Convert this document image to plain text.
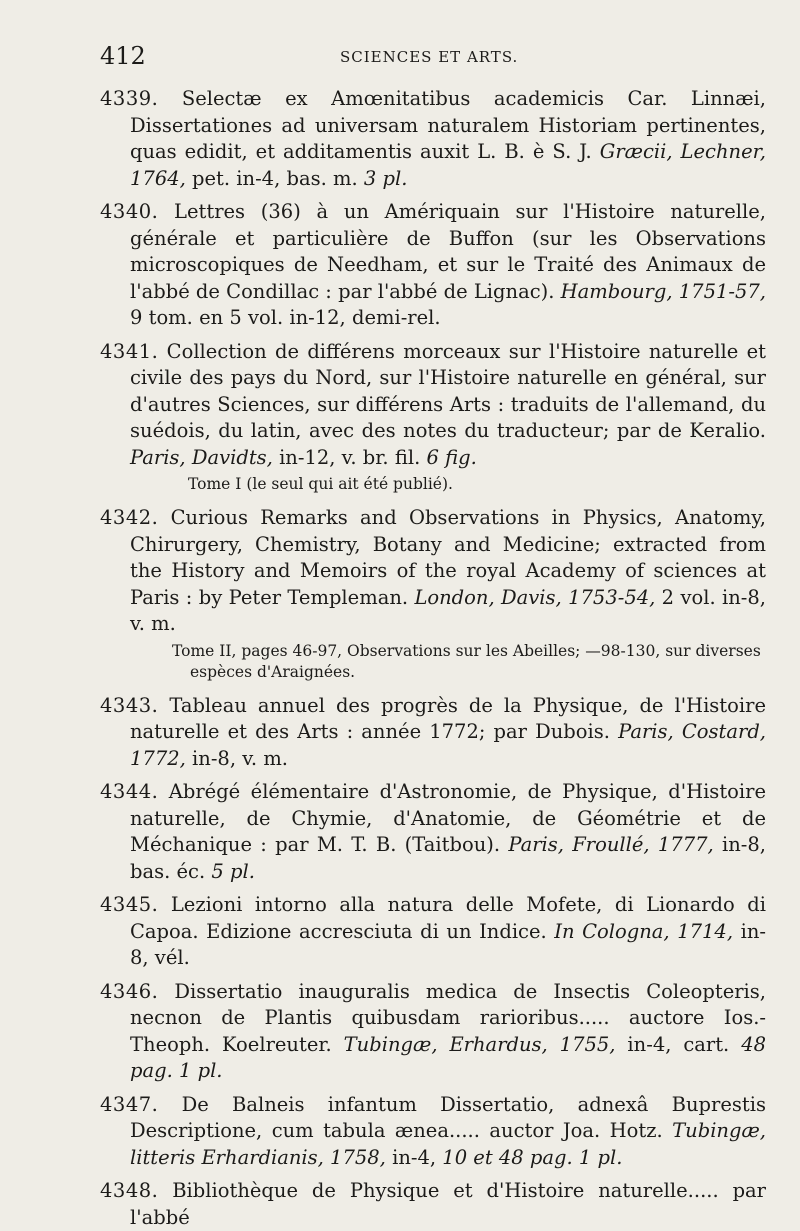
412	SCIENCES ET ARTS.

4339. Selectæ ex Amœnitatibus academicis Car. Linnæi, Dissertationes ad universam naturalem Historiam pertinentes, quas edidit, et additamentis auxit L. B. è S. J. Græcii, Lechner, 1764, pet. in-4, bas. m. 3 pl.

4340. Lettres (36) à un Amériquain sur l'Histoire naturelle, générale et particulière de Buffon (sur les Observations microscopiques de Needham, et sur le Traité des Animaux de l'abbé de Condillac : par l'abbé de Lignac). Hambourg, 1751-57, 9 tom. en 5 vol. in-12, demi-rel.

4341. Collection de différens morceaux sur l'Histoire naturelle et civile des pays du Nord, sur l'Histoire naturelle en général, sur d'autres Sciences, sur différens Arts : traduits de l'allemand, du suédois, du latin, avec des notes du traducteur; par de Keralio. Paris, Davidts, in-12, v. br. fil. 6 fig.

Tome I (le seul qui ait été publié).

4342. Curious Remarks and Observations in Physics, Anatomy, Chirurgery, Chemistry, Botany and Medicine; extracted from the History and Memoirs of the royal Academy of sciences at Paris : by Peter Templeman. London, Davis, 1753-54, 2 vol. in-8, v. m.

Tome II, pages 46-97, Observations sur les Abeilles; —98-130, sur diverses espèces d'Araignées.

4343. Tableau annuel des progrès de la Physique, de l'Histoire naturelle et des Arts : année 1772; par Dubois. Paris, Costard, 1772, in-8, v. m.

4344. Abrégé élémentaire d'Astronomie, de Physique, d'Histoire naturelle, de Chymie, d'Anatomie, de Géométrie et de Méchanique : par M. T. B. (Taitbou). Paris, Froullé, 1777, in-8, bas. éc. 5 pl.

4345. Lezioni intorno alla natura delle Mofete, di Lionardo di Capoa. Edizione accresciuta di un Indice. In Cologna, 1714, in-8, vél.

4346. Dissertatio inauguralis medica de Insectis Coleopteris, necnon de Plantis quibusdam rarioribus..... auctore Ios.-Theoph. Koelreuter. Tubingæ, Erhardus, 1755, in-4, cart. 48 pag. 1 pl.

4347. De Balneis infantum Dissertatio, adnexâ Buprestis Descriptione, cum tabula ænea..... auctor Joa. Hotz. Tubingæ, litteris Erhardianis, 1758, in-4, 10 et 48 pag. 1 pl.

4348. Bibliothèque de Physique et d'Histoire naturelle..... par l'abbé
